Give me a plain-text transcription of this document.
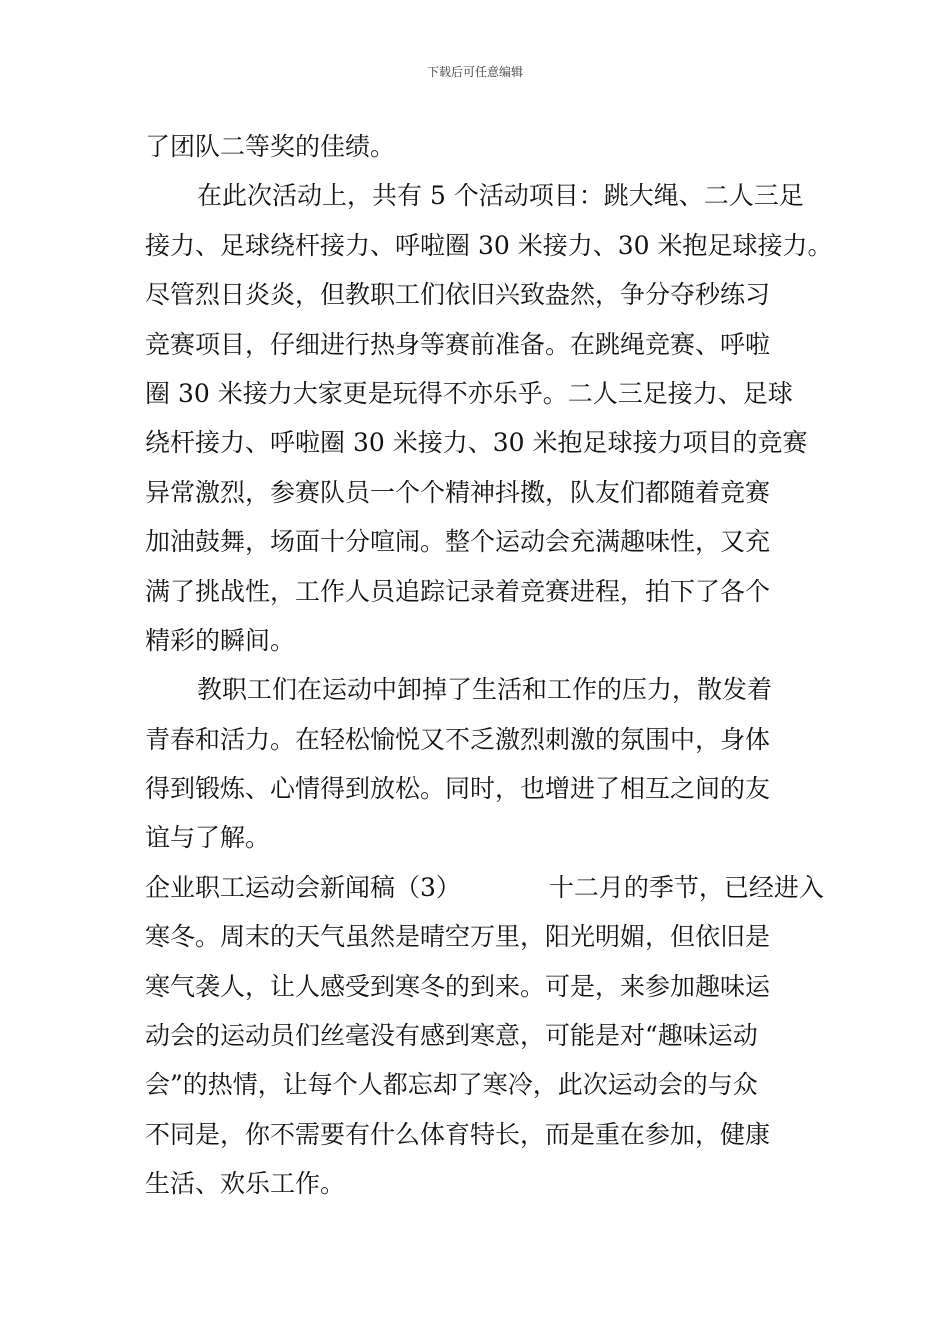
下载后可任意编辑
了团队二等奖的佳绩。
在此次活动上，共有 5 个活动项目：跳大绳、二人三足
接力、足球绕杆接力、呼啦圈 30 米接力、30 米抱足球接力。
尽管烈日炎炎，但教职工们依旧兴致盎然，争分夺秒练习
竞赛项目，仔细进行热身等赛前准备。在跳绳竞赛、呼啦
圈 30 米接力大家更是玩得不亦乐乎。二人三足接力、足球
绕杆接力、呼啦圈 30 米接力、30 米抱足球接力项目的竞赛
异常激烈，参赛队员一个个精神抖擞，队友们都随着竞赛
加油鼓舞，场面十分喧闹。整个运动会充满趣味性，又充
满了挑战性，工作人员追踪记录着竞赛进程，拍下了各个
精彩的瞬间。
教职工们在运动中卸掉了生活和工作的压力，散发着
青春和活力。在轻松愉悦又不乏激烈刺激的氛围中，身体
得到锻炼、心情得到放松。同时，也增进了相互之间的友
谊与了解。
企业职工运动会新闻稿（3）	十二月的季节，已经进入
寒冬。周末的天气虽然是晴空万里，阳光明媚，但依旧是
寒气袭人，让人感受到寒冬的到来。可是，来参加趣味运
动会的运动员们丝毫没有感到寒意，可能是对“趣味运动
会”的热情，让每个人都忘却了寒冷，此次运动会的与众
不同是，你不需要有什么体育特长，而是重在参加，健康
生活、欢乐工作。
